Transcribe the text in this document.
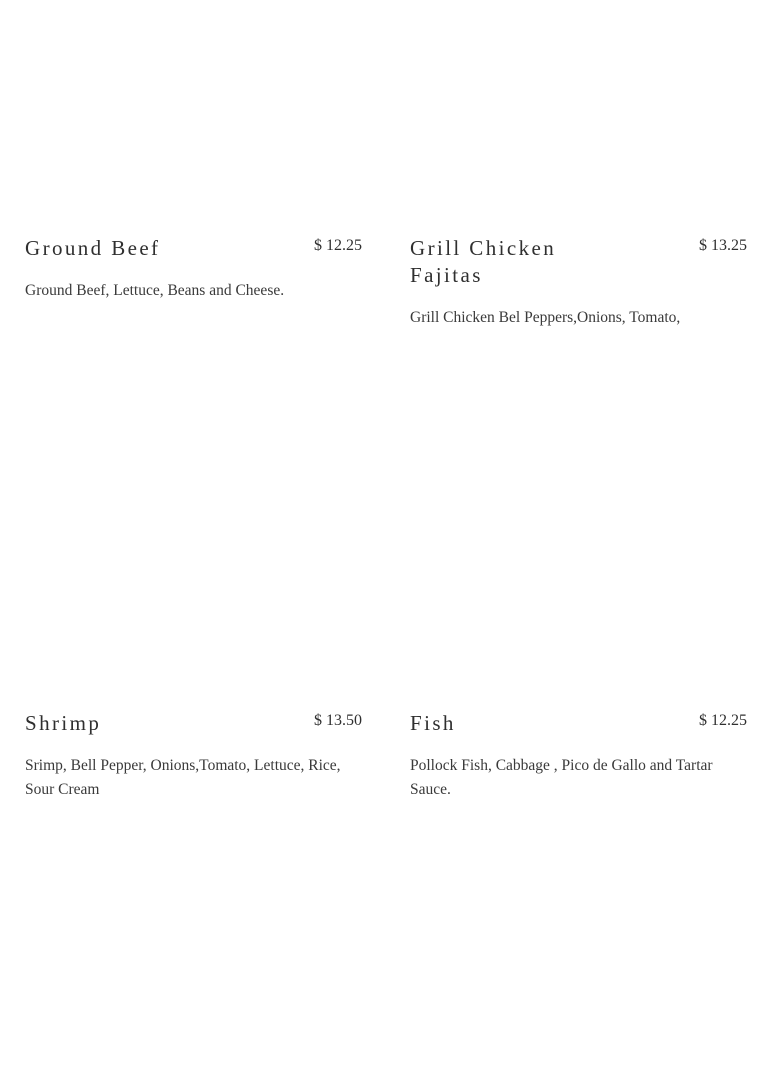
Ground Beef	$ 12.25

Ground Beef, Lettuce, Beans and Cheese.

Grill Chicken Fajitas
$ 13.25

Grill Chicken Bel Peppers,Onions, Tomato,

Shrimp	$ 13.50

Srimp, Bell Pepper, Onions,Tomato, Lettuce, Rice, Sour Cream

Fish	$ 12.25

Pollock Fish, Cabbage , Pico de Gallo and Tartar Sauce.
